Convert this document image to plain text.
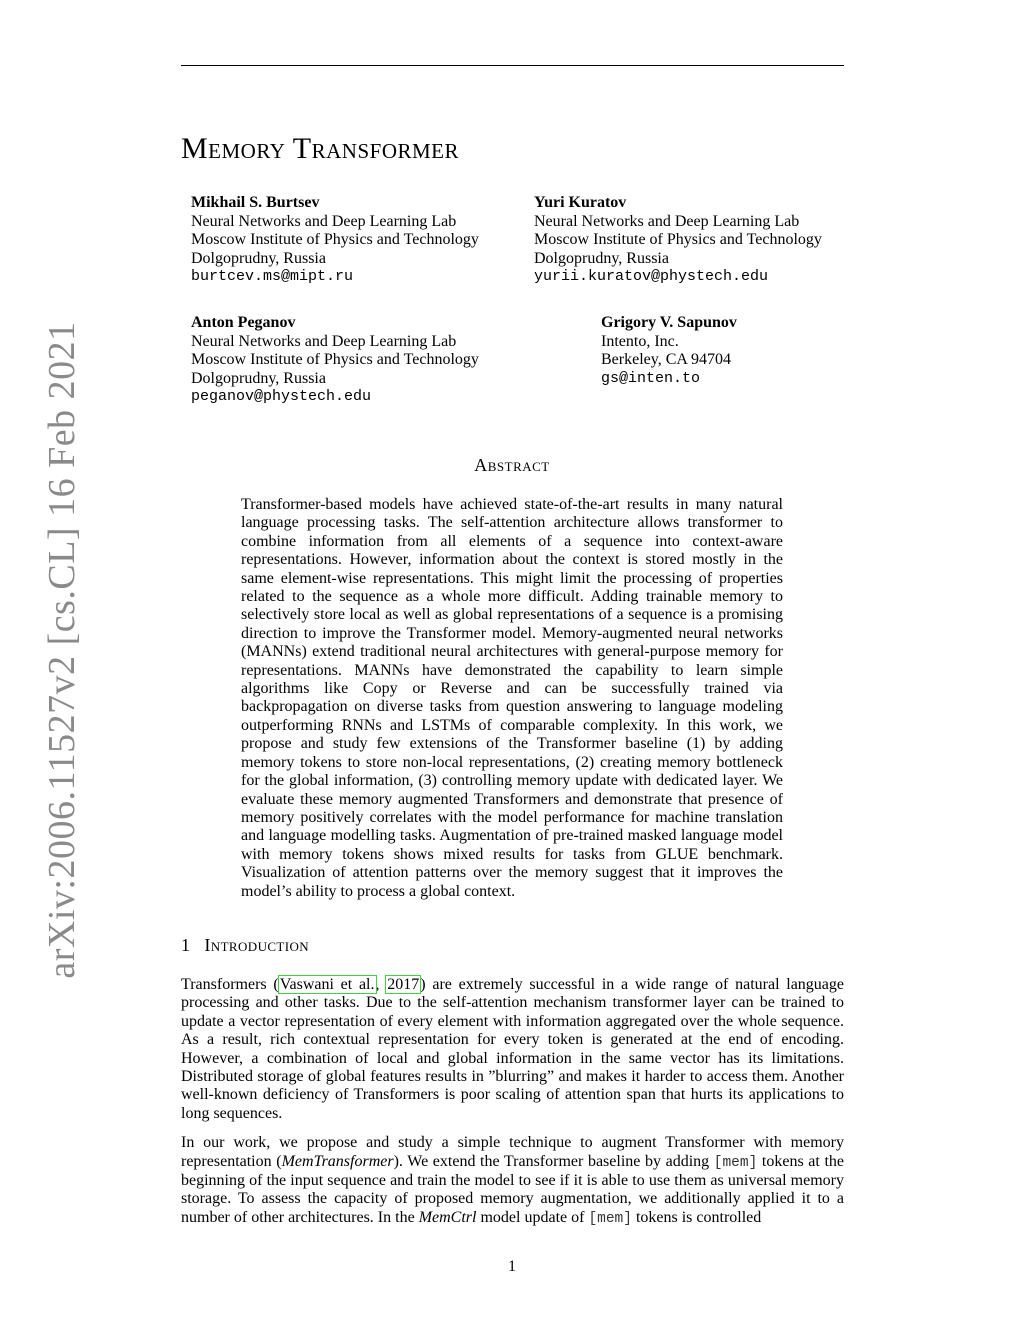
arXiv:2006.11527v2 [cs.CL] 16 Feb 2021
Memory Transformer
Mikhail S. Burtsev
Neural Networks and Deep Learning Lab
Moscow Institute of Physics and Technology
Dolgoprudny, Russia
burtcev.ms@mipt.ru
Yuri Kuratov
Neural Networks and Deep Learning Lab
Moscow Institute of Physics and Technology
Dolgoprudny, Russia
yurii.kuratov@phystech.edu
Anton Peganov
Neural Networks and Deep Learning Lab
Moscow Institute of Physics and Technology
Dolgoprudny, Russia
peganov@phystech.edu
Grigory V. Sapunov
Intento, Inc.
Berkeley, CA 94704
gs@inten.to
Abstract
Transformer-based models have achieved state-of-the-art results in many natural language processing tasks. The self-attention architecture allows transformer to combine information from all elements of a sequence into context-aware representations. However, information about the context is stored mostly in the same element-wise representations. This might limit the processing of properties related to the sequence as a whole more difficult. Adding trainable memory to selectively store local as well as global representations of a sequence is a promising direction to improve the Transformer model. Memory-augmented neural networks (MANNs) extend traditional neural architectures with general-purpose memory for representations. MANNs have demonstrated the capability to learn simple algorithms like Copy or Reverse and can be successfully trained via backpropagation on diverse tasks from question answering to language modeling outperforming RNNs and LSTMs of comparable complexity. In this work, we propose and study few extensions of the Transformer baseline (1) by adding memory tokens to store non-local representations, (2) creating memory bottleneck for the global information, (3) controlling memory update with dedicated layer. We evaluate these memory augmented Transformers and demonstrate that presence of memory positively correlates with the model performance for machine translation and language modelling tasks. Augmentation of pre-trained masked language model with memory tokens shows mixed results for tasks from GLUE benchmark. Visualization of attention patterns over the memory suggest that it improves the model’s ability to process a global context.
1 Introduction

Transformers (Vaswani et al., 2017) are extremely successful in a wide range of natural language processing and other tasks. Due to the self-attention mechanism transformer layer can be trained to update a vector representation of every element with information aggregated over the whole sequence. As a result, rich contextual representation for every token is generated at the end of encoding. However, a combination of local and global information in the same vector has its limitations. Distributed storage of global features results in ”blurring” and makes it harder to access them. Another well-known deficiency of Transformers is poor scaling of attention span that hurts its applications to long sequences.

In our work, we propose and study a simple technique to augment Transformer with memory representation (MemTransformer). We extend the Transformer baseline by adding [mem] tokens at the beginning of the input sequence and train the model to see if it is able to use them as universal memory storage. To assess the capacity of proposed memory augmentation, we additionally applied it to a number of other architectures. In the MemCtrl model update of [mem] tokens is controlled

1
